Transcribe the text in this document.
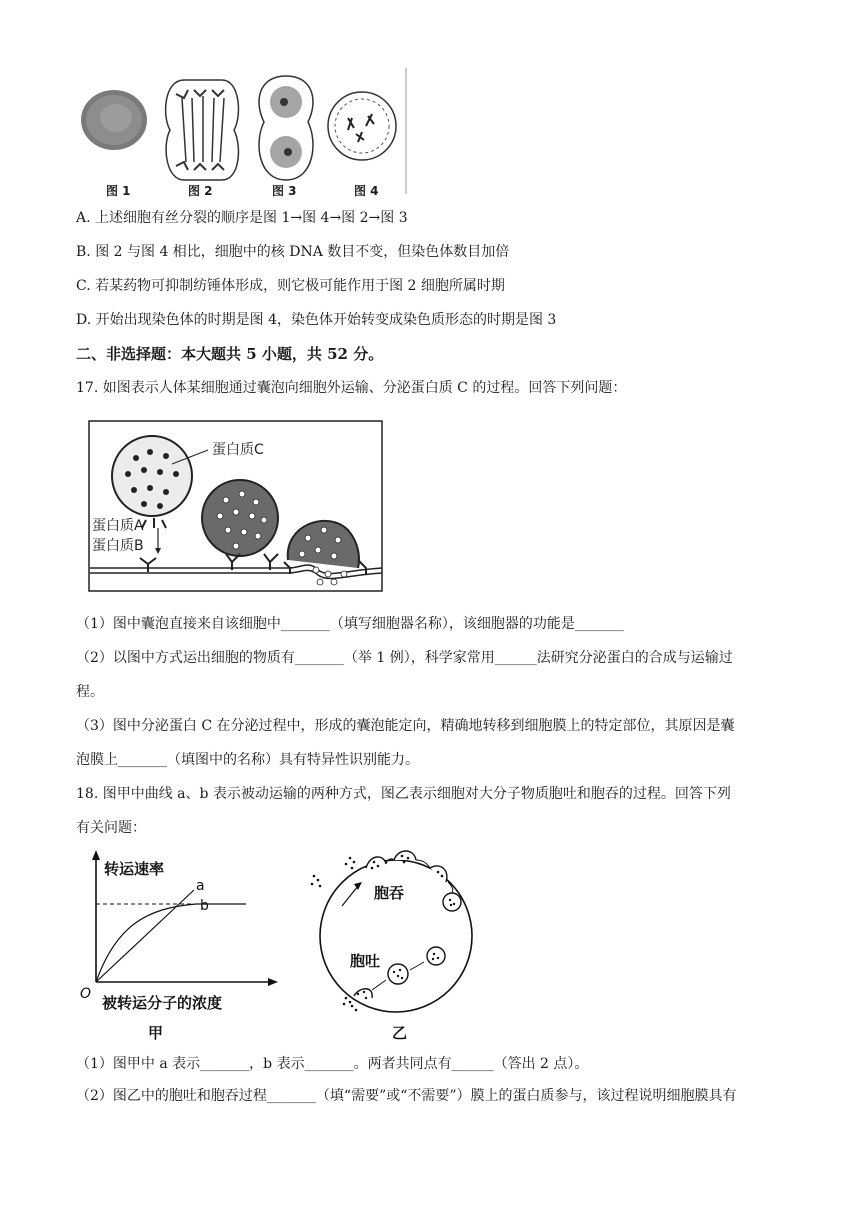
图 1	图 2	图 3	图 4
A. 上述细胞有丝分裂的顺序是图 1→图 4→图 2→图 3
B. 图 2 与图 4 相比，细胞中的核 DNA 数目不变，但染色体数目加倍
C. 若某药物可抑制纺锤体形成，则它极可能作用于图 2 细胞所属时期
D. 开始出现染色体的时期是图 4，染色体开始转变成染色质形态的时期是图 3
二、非选择题：本大题共 5 小题，共 52 分。
17. 如图表示人体某细胞通过囊泡向细胞外运输、分泌蛋白质 C 的过程。回答下列问题：
蛋白质C
蛋白质A
蛋白质B
（1）图中囊泡直接来自该细胞中_______（填写细胞器名称），该细胞器的功能是_______
（2）以图中方式运出细胞的物质有_______（举 1 例），科学家常用______法研究分泌蛋白的合成与运输过
程。
（3）图中分泌蛋白 C 在分泌过程中，形成的囊泡能定向，精确地转移到细胞膜上的特定部位，其原因是囊
泡膜上_______（填图中的名称）具有特异性识别能力。
18. 图甲中曲线 a、b 表示被动运输的两种方式，图乙表示细胞对大分子物质胞吐和胞吞的过程。回答下列
有关问题：
转运速率
a
b
O 被转运分子的浓度
甲
胞吞
胞吐
乙
（1）图甲中 a 表示_______，b 表示_______。两者共同点有______（答出 2 点）。
（2）图乙中的胞吐和胞吞过程_______（填“需要”或“不需要”）膜上的蛋白质参与，该过程说明细胞膜具有
